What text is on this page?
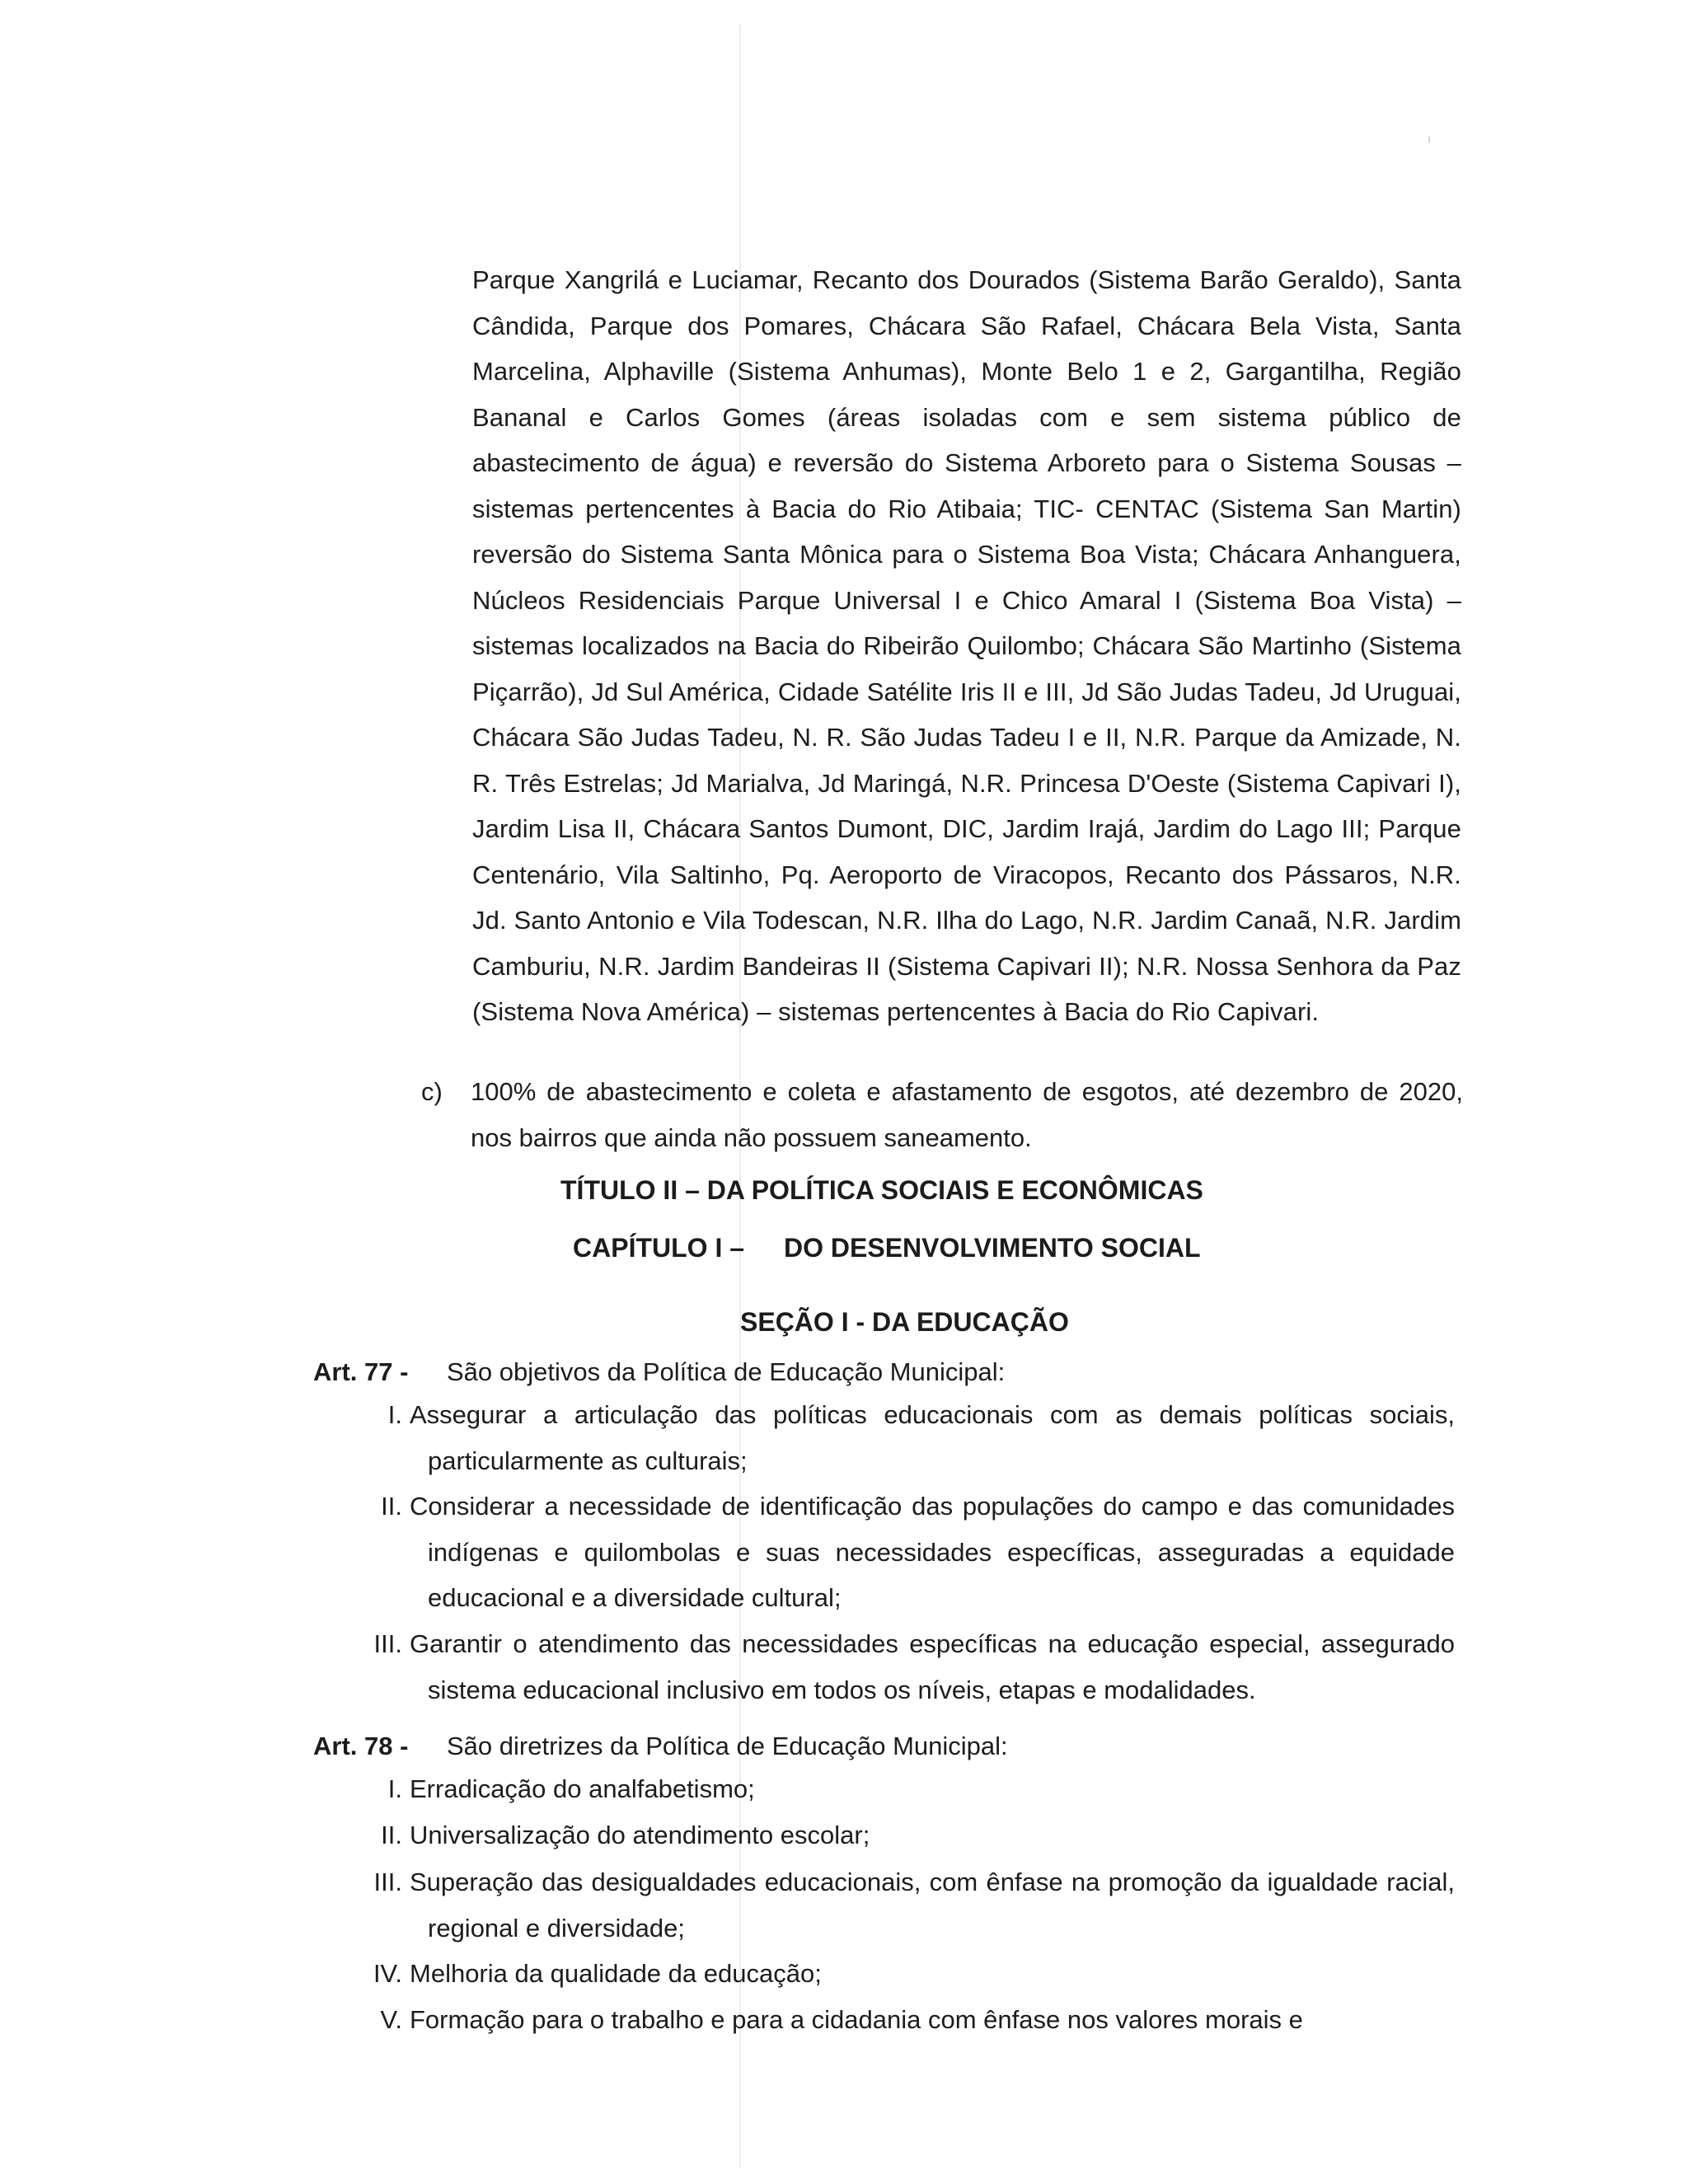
Parque Xangrilá e Luciamar, Recanto dos Dourados (Sistema Barão Geraldo), Santa Cândida, Parque dos Pomares, Chácara São Rafael, Chácara Bela Vista, Santa Marcelina, Alphaville (Sistema Anhumas), Monte Belo 1 e 2, Gargantilha, Região Bananal e Carlos Gomes (áreas isoladas com e sem sistema público de abastecimento de água) e reversão do Sistema Arboreto para o Sistema Sousas – sistemas pertencentes à Bacia do Rio Atibaia; TIC- CENTAC (Sistema San Martin) reversão do Sistema Santa Mônica para o Sistema Boa Vista; Chácara Anhanguera, Núcleos Residenciais Parque Universal I e Chico Amaral I (Sistema Boa Vista) – sistemas localizados na Bacia do Ribeirão Quilombo; Chácara São Martinho (Sistema Piçarrão), Jd Sul América, Cidade Satélite Iris II e III, Jd São Judas Tadeu, Jd Uruguai, Chácara São Judas Tadeu, N. R. São Judas Tadeu I e II, N.R. Parque da Amizade, N. R. Três Estrelas; Jd Marialva, Jd Maringá, N.R. Princesa D'Oeste (Sistema Capivari I), Jardim Lisa II, Chácara Santos Dumont, DIC, Jardim Irajá, Jardim do Lago III; Parque Centenário, Vila Saltinho, Pq. Aeroporto de Viracopos, Recanto dos Pássaros, N.R. Jd. Santo Antonio e Vila Todescan, N.R. Ilha do Lago, N.R. Jardim Canaã, N.R. Jardim Camburiu, N.R. Jardim Bandeiras II (Sistema Capivari II); N.R. Nossa Senhora da Paz (Sistema Nova América) – sistemas pertencentes à Bacia do Rio Capivari.
c) 100% de abastecimento e coleta e afastamento de esgotos, até dezembro de 2020, nos bairros que ainda não possuem saneamento.
TÍTULO II – DA POLÍTICA SOCIAIS E ECONÔMICAS
CAPÍTULO I – DO DESENVOLVIMENTO SOCIAL
SEÇÃO I - DA EDUCAÇÃO
Art. 77 - São objetivos da Política de Educação Municipal:
I. Assegurar a articulação das políticas educacionais com as demais políticas sociais, particularmente as culturais;
II. Considerar a necessidade de identificação das populações do campo e das comunidades indígenas e quilombolas e suas necessidades específicas, asseguradas a equidade educacional e a diversidade cultural;
III. Garantir o atendimento das necessidades específicas na educação especial, assegurado sistema educacional inclusivo em todos os níveis, etapas e modalidades.
Art. 78 - São diretrizes da Política de Educação Municipal:
I. Erradicação do analfabetismo;
II. Universalização do atendimento escolar;
III. Superação das desigualdades educacionais, com ênfase na promoção da igualdade racial, regional e diversidade;
IV. Melhoria da qualidade da educação;
V. Formação para o trabalho e para a cidadania com ênfase nos valores morais e
